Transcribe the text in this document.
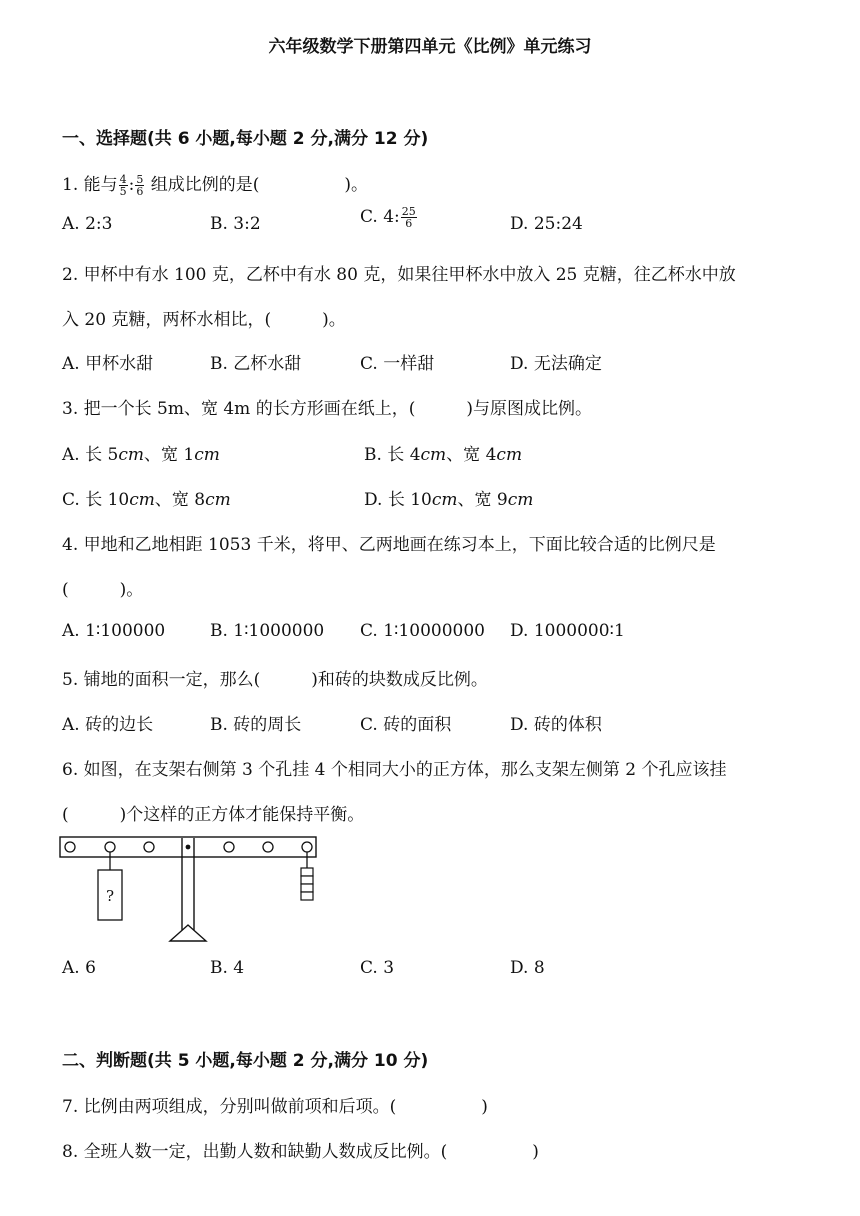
六年级数学下册第四单元《比例》单元练习
一、选择题(共 6 小题,每小题 2 分,满分 12 分)
1. 能与 $\frac{4}{5}$ : $\frac{5}{6}$ 组成比例的是(　　　　　)。
A. 2:3	B. 3:2	C. 4: $\frac{25}{6}$	D. 25:24
2. 甲杯中有水 100 克，乙杯中有水 80 克，如果往甲杯水中放入 25 克糖，往乙杯水中放
入 20 克糖，两杯水相比，(　　　)。
A. 甲杯水甜	B. 乙杯水甜	C. 一样甜	D. 无法确定
3. 把一个长 5m、宽 4m 的长方形画在纸上，(　　　)与原图成比例。
A. 长 5cm、宽 1cm	B. 长 4cm、宽 4cm
C. 长 10cm、宽 8cm	D. 长 10cm、宽 9cm
4. 甲地和乙地相距 1053 千米，将甲、乙两地画在练习本上，下面比较合适的比例尺是
(　　　)。
A. 1∶100000	B. 1∶1000000 C. 1∶10000000 D. 1000000∶1
5. 铺地的面积一定，那么(　　　)和砖的块数成反比例。
A. 砖的边长	B. 砖的周长	C. 砖的面积	D. 砖的体积
6. 如图，在支架右侧第 3 个孔挂 4 个相同大小的正方体，那么支架左侧第 2 个孔应该挂
(　　　)个这样的正方体才能保持平衡。
?
A. 6	B. 4	C. 3	D. 8
二、判断题(共 5 小题,每小题 2 分,满分 10 分)
7. 比例由两项组成，分别叫做前项和后项。(　　　　　)
8. 全班人数一定，出勤人数和缺勤人数成反比例。(　　　　　)
